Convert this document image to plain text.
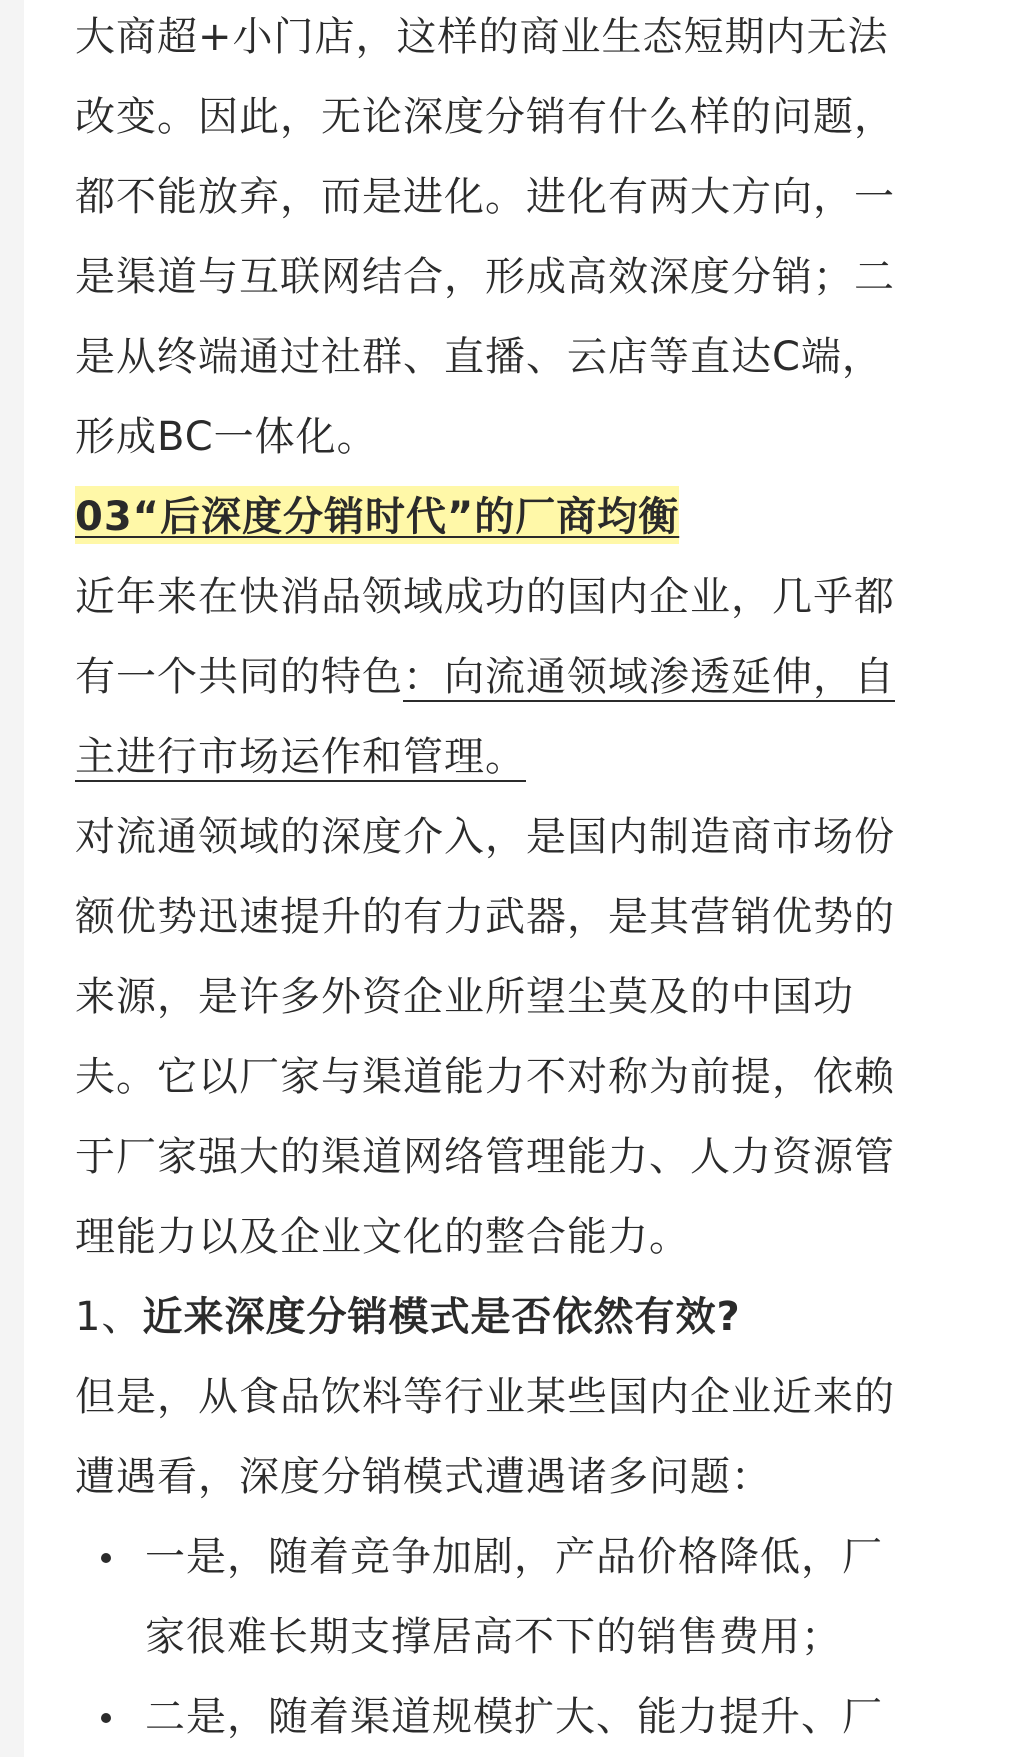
大商超+小门店，这样的商业生态短期内无法
改变。因此，无论深度分销有什么样的问题，
都不能放弃，而是进化。进化有两大方向，一
是渠道与互联网结合，形成高效深度分销；二
是从终端通过社群、直播、云店等直达C端，
形成BC一体化。
03“后深度分销时代”的厂商均衡
近年来在快消品领域成功的国内企业，几乎都
有一个共同的特色：向流通领域渗透延伸，自
主进行市场运作和管理。
对流通领域的深度介入，是国内制造商市场份
额优势迅速提升的有力武器，是其营销优势的
来源，是许多外资企业所望尘莫及的中国功
夫。它以厂家与渠道能力不对称为前提，依赖
于厂家强大的渠道网络管理能力、人力资源管
理能力以及企业文化的整合能力。
1、近来深度分销模式是否依然有效?
但是，从食品饮料等行业某些国内企业近来的
遭遇看，深度分销模式遭遇诸多问题：
一是，随着竞争加剧，产品价格降低，厂
家很难长期支撑居高不下的销售费用；
二是，随着渠道规模扩大、能力提升、厂
